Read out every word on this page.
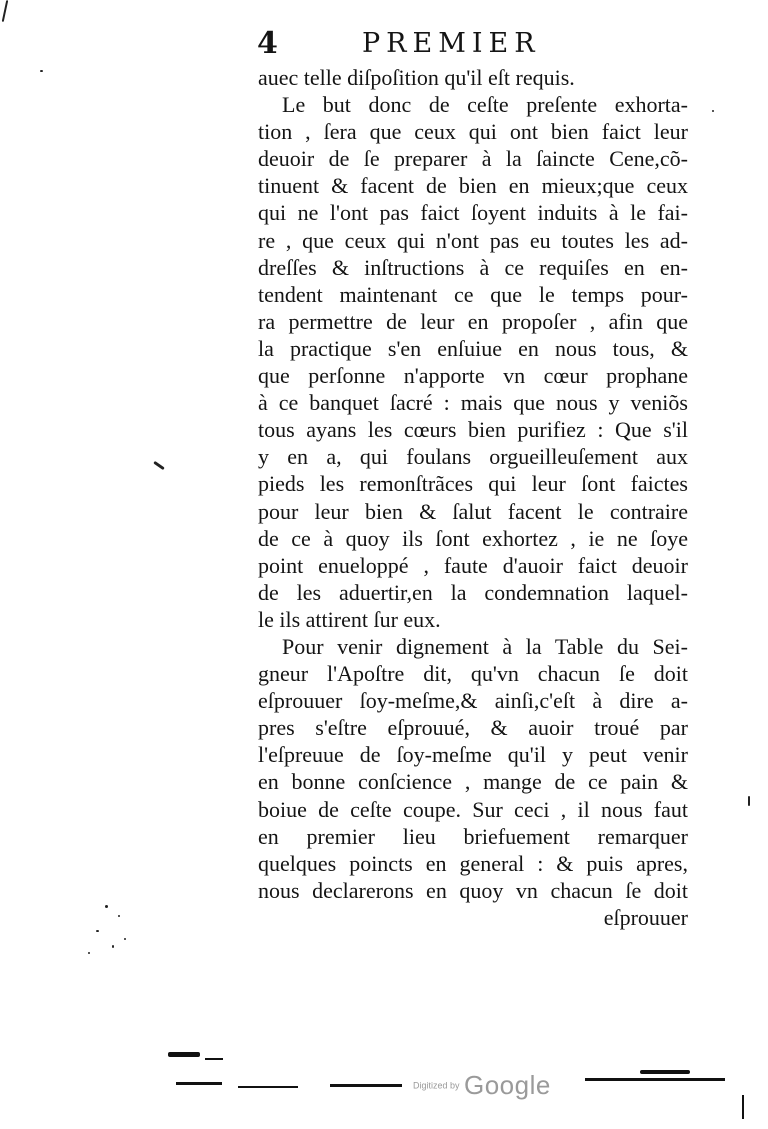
4	PREMIER
auec telle diſpoſition qu'il eſt requis.
Le but donc de ceſte preſente exhorta-
tion , ſera que ceux qui ont bien faict leur
deuoir de ſe preparer à la ſaincte Cene,cõ-
tinuent & facent de bien en mieux;que ceux
qui ne l'ont pas faict ſoyent induits à le fai-
re , que ceux qui n'ont pas eu toutes les ad-
dreſſes & inſtructions à ce requiſes en en-
tendent maintenant ce que le temps pour-
ra permettre de leur en propoſer , afin que
la practique s'en enſuiue en nous tous, &
que perſonne n'apporte vn cœur prophane
à ce banquet ſacré : mais que nous y veniõs
tous ayans les cœurs bien purifiez : Que s'il
y en a, qui foulans orgueilleuſement aux
pieds les remonſtrãces qui leur ſont faictes
pour leur bien & ſalut facent le contraire
de ce à quoy ils ſont exhortez , ie ne ſoye
point enueloppé , faute d'auoir faict deuoir
de les aduertir,en la condemnation laquel-
le ils attirent ſur eux.
Pour venir dignement à la Table du Sei-
gneur l'Apoſtre dit, qu'vn chacun ſe doit
eſprouuer ſoy-meſme,& ainſi,c'eſt à dire a-
pres s'eſtre eſprouué, & auoir troué par
l'eſpreuue de ſoy-meſme qu'il y peut venir
en bonne conſcience , mange de ce pain &
boiue de ceſte coupe. Sur ceci , il nous faut
en premier lieu briefuement remarquer
quelques poincts en general : & puis apres,
nous declarerons en quoy vn chacun ſe doit
eſprouuer
Digitized by Google
